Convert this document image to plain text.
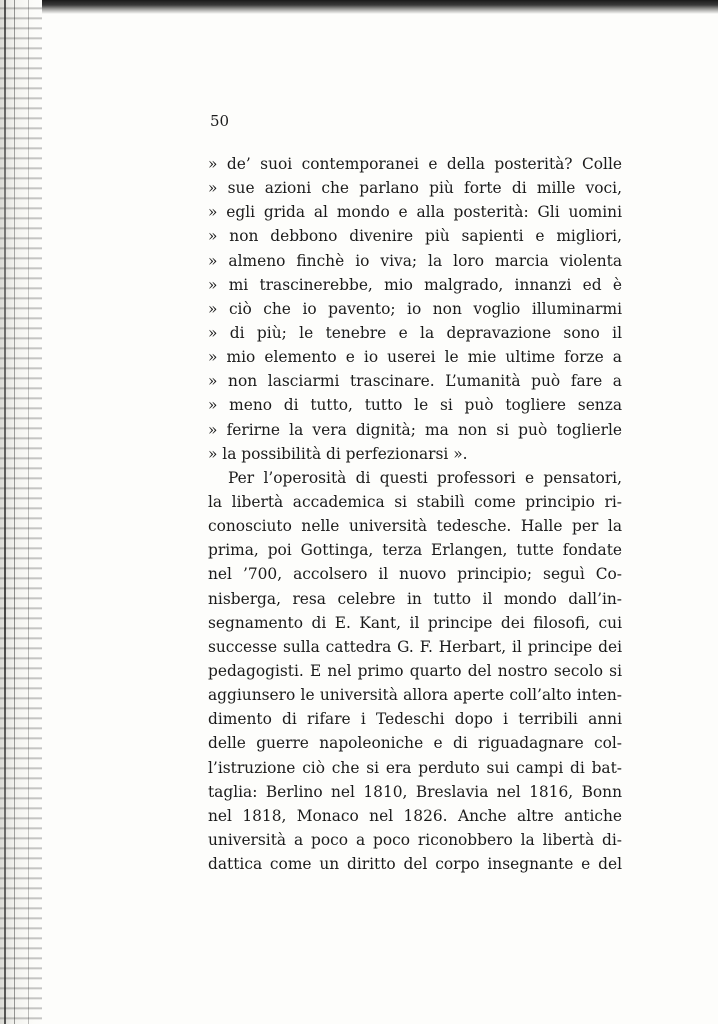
50
» de’ suoi contemporanei e della posterità? Colle
» sue azioni che parlano più forte di mille voci,
» egli grida al mondo e alla posterità: Gli uomini
» non debbono divenire più sapienti e migliori,
» almeno finchè io viva; la loro marcia violenta
» mi trascinerebbe, mio malgrado, innanzi ed è
» ciò che io pavento; io non voglio illuminarmi
» di più; le tenebre e la depravazione sono il
» mio elemento e io userei le mie ultime forze a
» non lasciarmi trascinare. L’umanità può fare a
» meno di tutto, tutto le si può togliere senza
» ferirne la vera dignità; ma non si può toglierle
» la possibilità di perfezionarsi ».
Per l’operosità di questi professori e pensatori,
la libertà accademica si stabilì come principio ri-
conosciuto nelle università tedesche. Halle per la
prima, poi Gottinga, terza Erlangen, tutte fondate
nel ’700, accolsero il nuovo principio; seguì Co-
nisberga, resa celebre in tutto il mondo dall’in-
segnamento di E. Kant, il principe dei filosofi, cui
successe sulla cattedra G. F. Herbart, il principe dei
pedagogisti. E nel primo quarto del nostro secolo si
aggiunsero le università allora aperte coll’alto inten-
dimento di rifare i Tedeschi dopo i terribili anni
delle guerre napoleoniche e di riguadagnare col-
l’istruzione ciò che si era perduto sui campi di bat-
taglia: Berlino nel 1810, Breslavia nel 1816, Bonn
nel 1818, Monaco nel 1826. Anche altre antiche
università a poco a poco riconobbero la libertà di-
dattica come un diritto del corpo insegnante e del
